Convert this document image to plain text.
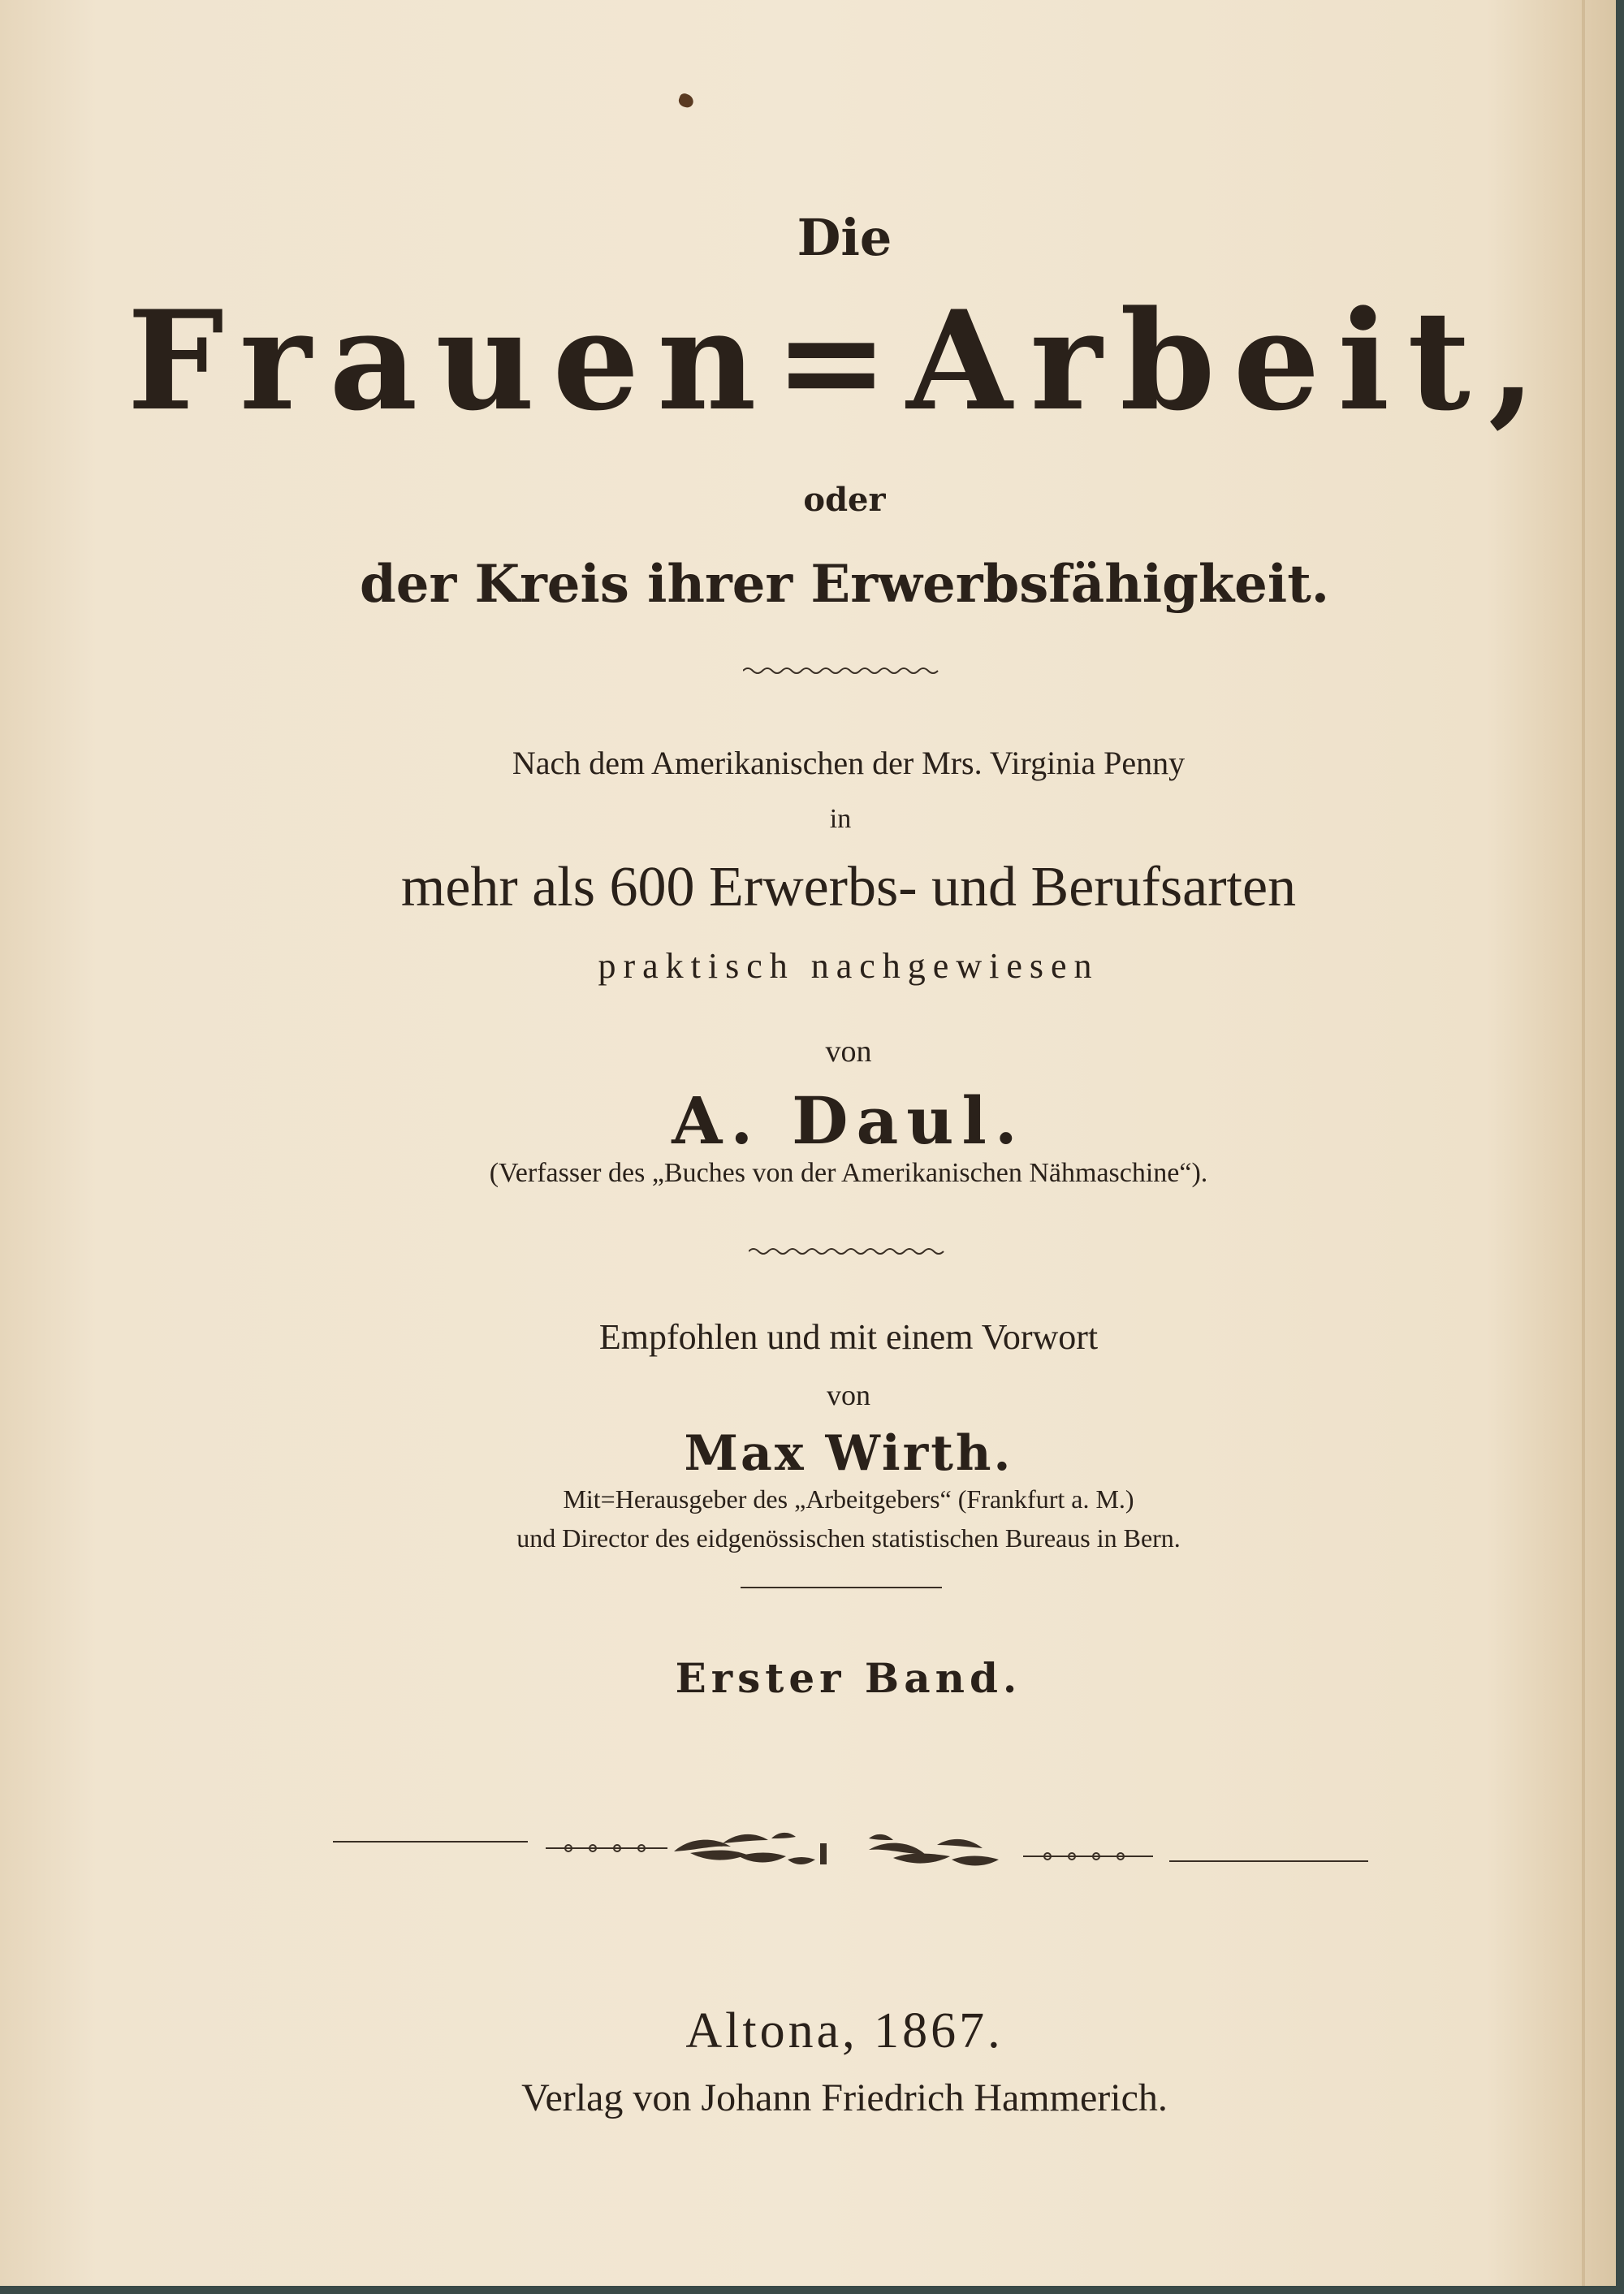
Die
Frauen=Arbeit,
oder
der Kreis ihrer Erwerbsfähigkeit.
Nach dem Amerikanischen der Mrs. Virginia Penny
in
mehr als 600 Erwerbs- und Berufsarten
praktisch nachgewiesen
von
A. Daul.
(Verfasser des „Buches von der Amerikanischen Nähmaschine“).
Empfohlen und mit einem Vorwort
von
Max Wirth.
Mit=Herausgeber des „Arbeitgebers“ (Frankfurt a. M.)
und Director des eidgenössischen statistischen Bureaus in Bern.
Erster Band.
Altona, 1867.
Verlag von Johann Friedrich Hammerich.
